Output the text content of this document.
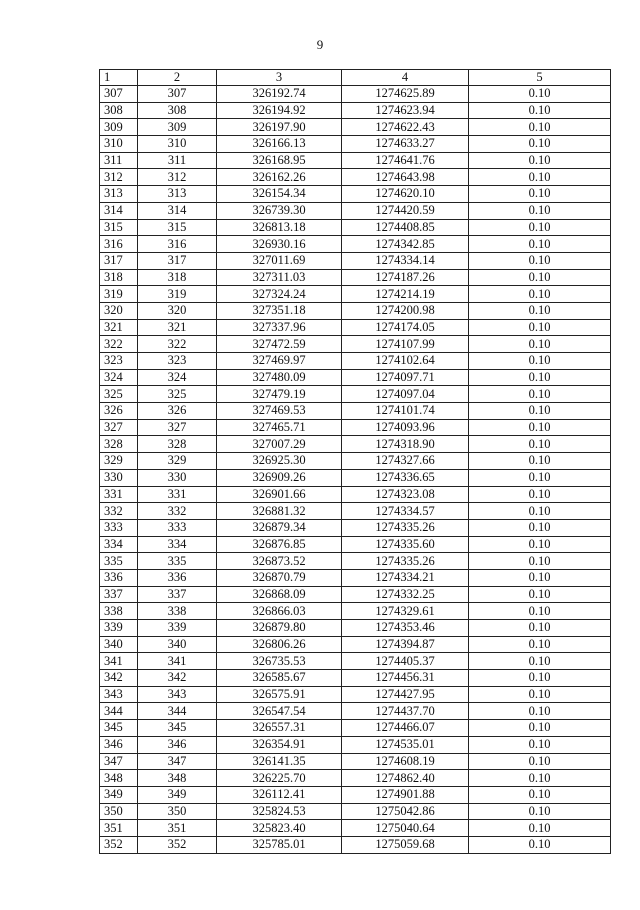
9
1	2	3	4	5
307	307	326192.74	1274625.89	0.10
308	308	326194.92	1274623.94	0.10
309	309	326197.90	1274622.43	0.10
310	310	326166.13	1274633.27	0.10
311	311	326168.95	1274641.76	0.10
312	312	326162.26	1274643.98	0.10
313	313	326154.34	1274620.10	0.10
314	314	326739.30	1274420.59	0.10
315	315	326813.18	1274408.85	0.10
316	316	326930.16	1274342.85	0.10
317	317	327011.69	1274334.14	0.10
318	318	327311.03	1274187.26	0.10
319	319	327324.24	1274214.19	0.10
320	320	327351.18	1274200.98	0.10
321	321	327337.96	1274174.05	0.10
322	322	327472.59	1274107.99	0.10
323	323	327469.97	1274102.64	0.10
324	324	327480.09	1274097.71	0.10
325	325	327479.19	1274097.04	0.10
326	326	327469.53	1274101.74	0.10
327	327	327465.71	1274093.96	0.10
328	328	327007.29	1274318.90	0.10
329	329	326925.30	1274327.66	0.10
330	330	326909.26	1274336.65	0.10
331	331	326901.66	1274323.08	0.10
332	332	326881.32	1274334.57	0.10
333	333	326879.34	1274335.26	0.10
334	334	326876.85	1274335.60	0.10
335	335	326873.52	1274335.26	0.10
336	336	326870.79	1274334.21	0.10
337	337	326868.09	1274332.25	0.10
338	338	326866.03	1274329.61	0.10
339	339	326879.80	1274353.46	0.10
340	340	326806.26	1274394.87	0.10
341	341	326735.53	1274405.37	0.10
342	342	326585.67	1274456.31	0.10
343	343	326575.91	1274427.95	0.10
344	344	326547.54	1274437.70	0.10
345	345	326557.31	1274466.07	0.10
346	346	326354.91	1274535.01	0.10
347	347	326141.35	1274608.19	0.10
348	348	326225.70	1274862.40	0.10
349	349	326112.41	1274901.88	0.10
350	350	325824.53	1275042.86	0.10
351	351	325823.40	1275040.64	0.10
352	352	325785.01	1275059.68	0.10
